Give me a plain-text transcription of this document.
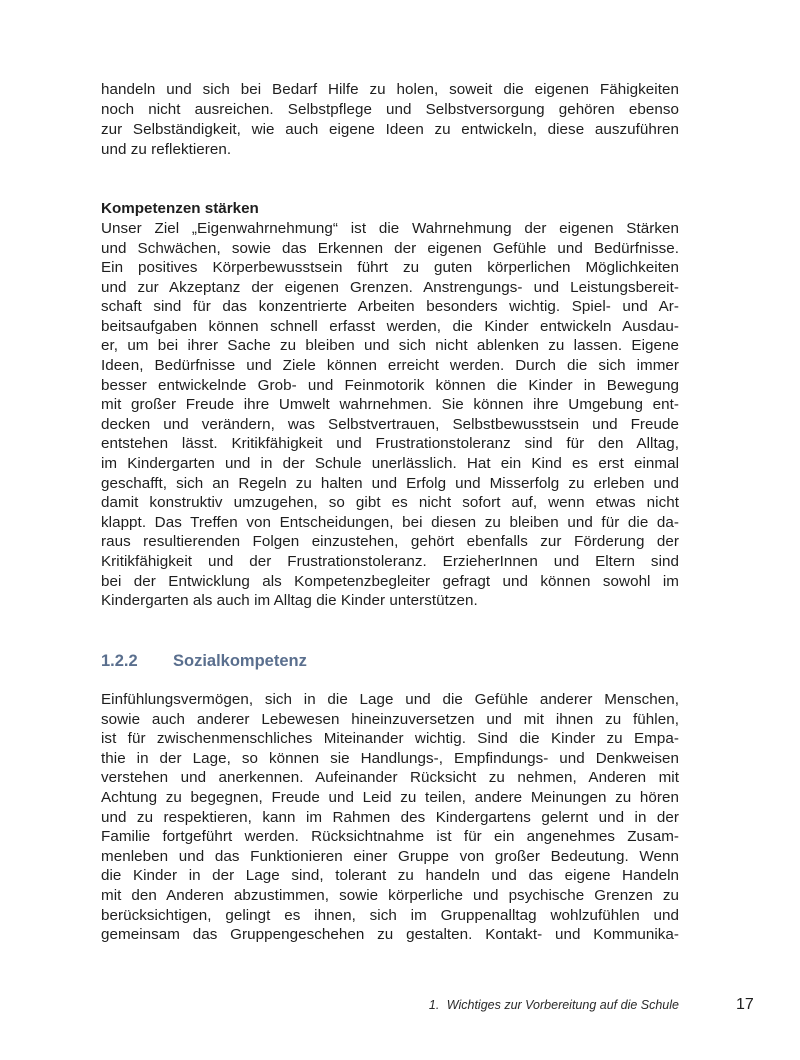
handeln und sich bei Bedarf Hilfe zu holen, soweit die eigenen Fähigkeiten
noch nicht ausreichen. Selbstpflege und Selbstversorgung gehören ebenso
zur Selbständigkeit, wie auch eigene Ideen zu entwickeln, diese auszuführen
und zu reflektieren.
Kompetenzen stärken
Unser Ziel „Eigenwahrnehmung“ ist die Wahrnehmung der eigenen Stärken
und Schwächen, sowie das Erkennen der eigenen Gefühle und Bedürfnisse.
Ein positives Körperbewusstsein führt zu guten körperlichen Möglichkeiten
und zur Akzeptanz der eigenen Grenzen. Anstrengungs- und Leistungsbereit-
schaft sind für das konzentrierte Arbeiten besonders wichtig. Spiel- und Ar-
beitsaufgaben können schnell erfasst werden, die Kinder entwickeln Ausdau-
er, um bei ihrer Sache zu bleiben und sich nicht ablenken zu lassen. Eigene
Ideen, Bedürfnisse und Ziele können erreicht werden. Durch die sich immer
besser entwickelnde Grob- und Feinmotorik können die Kinder in Bewegung
mit großer Freude ihre Umwelt wahrnehmen. Sie können ihre Umgebung ent-
decken und verändern, was Selbstvertrauen, Selbstbewusstsein und Freude
entstehen lässt. Kritikfähigkeit und Frustrationstoleranz sind für den Alltag,
im Kindergarten und in der Schule unerlässlich. Hat ein Kind es erst einmal
geschafft, sich an Regeln zu halten und Erfolg und Misserfolg zu erleben und
damit konstruktiv umzugehen, so gibt es nicht sofort auf, wenn etwas nicht
klappt. Das Treffen von Entscheidungen, bei diesen zu bleiben und für die da-
raus resultierenden Folgen einzustehen, gehört ebenfalls zur Förderung der
Kritikfähigkeit und der Frustrationstoleranz. ErzieherInnen und Eltern sind
bei der Entwicklung als Kompetenzbegleiter gefragt und können sowohl im
Kindergarten als auch im Alltag die Kinder unterstützen.
1.2.2 Sozialkompetenz
Einfühlungsvermögen, sich in die Lage und die Gefühle anderer Menschen,
sowie auch anderer Lebewesen hineinzuversetzen und mit ihnen zu fühlen,
ist für zwischenmenschliches Miteinander wichtig. Sind die Kinder zu Empa-
thie in der Lage, so können sie Handlungs-, Empfindungs- und Denkweisen
verstehen und anerkennen. Aufeinander Rücksicht zu nehmen, Anderen mit
Achtung zu begegnen, Freude und Leid zu teilen, andere Meinungen zu hören
und zu respektieren, kann im Rahmen des Kindergartens gelernt und in der
Familie fortgeführt werden. Rücksichtnahme ist für ein angenehmes Zusam-
menleben und das Funktionieren einer Gruppe von großer Bedeutung. Wenn
die Kinder in der Lage sind, tolerant zu handeln und das eigene Handeln
mit den Anderen abzustimmen, sowie körperliche und psychische Grenzen zu
berücksichtigen, gelingt es ihnen, sich im Gruppenalltag wohlzufühlen und
gemeinsam das Gruppengeschehen zu gestalten. Kontakt- und Kommunika-
1. Wichtiges zur Vorbereitung auf die Schule	17
